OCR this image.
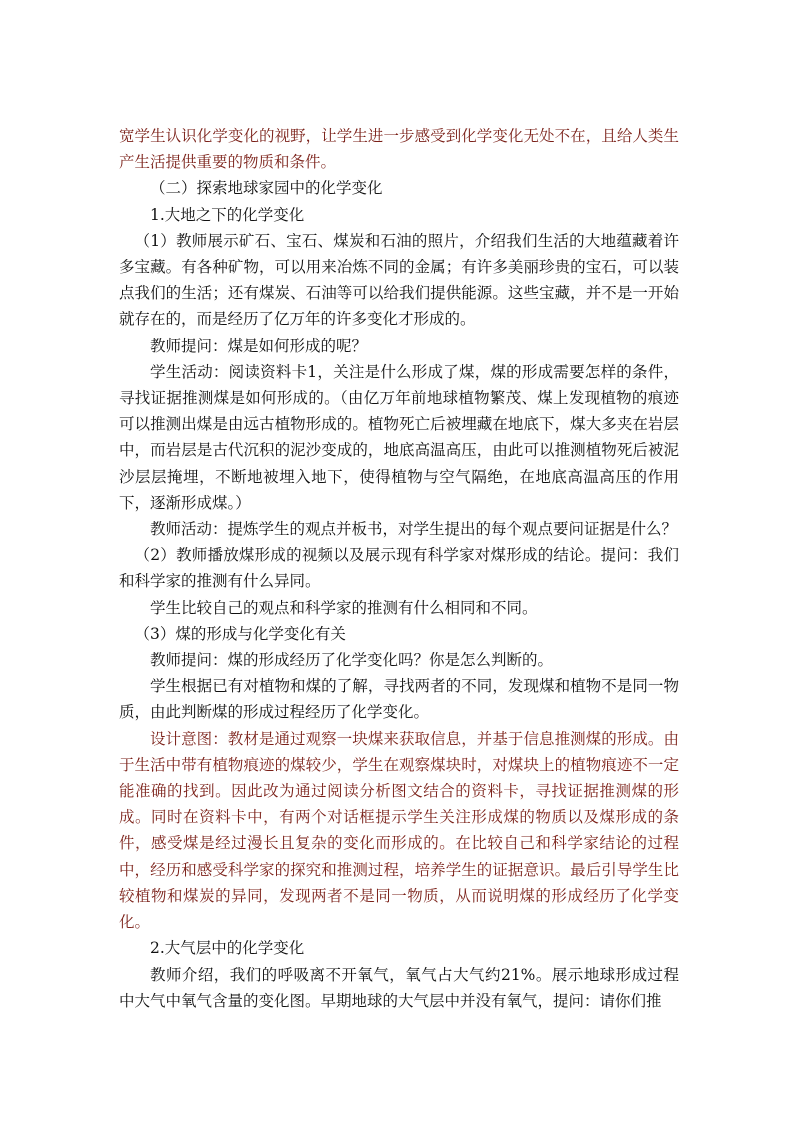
宽学生认识化学变化的视野，让学生进一步感受到化学变化无处不在，且给人类生产生活提供重要的物质和条件。

（二）探索地球家园中的化学变化

1.大地之下的化学变化

（1）教师展示矿石、宝石、煤炭和石油的照片，介绍我们生活的大地蕴藏着许多宝藏。有各种矿物，可以用来冶炼不同的金属；有许多美丽珍贵的宝石，可以装点我们的生活；还有煤炭、石油等可以给我们提供能源。这些宝藏，并不是一开始就存在的，而是经历了亿万年的许多变化才形成的。

教师提问：煤是如何形成的呢？

学生活动：阅读资料卡1，关注是什么形成了煤，煤的形成需要怎样的条件，寻找证据推测煤是如何形成的。（由亿万年前地球植物繁茂、煤上发现植物的痕迹可以推测出煤是由远古植物形成的。植物死亡后被埋藏在地底下，煤大多夹在岩层中，而岩层是古代沉积的泥沙变成的，地底高温高压，由此可以推测植物死后被泥沙层层掩埋，不断地被埋入地下，使得植物与空气隔绝，在地底高温高压的作用下，逐渐形成煤。）

教师活动：提炼学生的观点并板书，对学生提出的每个观点要问证据是什么？

（2）教师播放煤形成的视频以及展示现有科学家对煤形成的结论。提问：我们和科学家的推测有什么异同。

学生比较自己的观点和科学家的推测有什么相同和不同。

（3）煤的形成与化学变化有关

教师提问：煤的形成经历了化学变化吗？你是怎么判断的。

学生根据已有对植物和煤的了解，寻找两者的不同，发现煤和植物不是同一物质，由此判断煤的形成过程经历了化学变化。

设计意图：教材是通过观察一块煤来获取信息，并基于信息推测煤的形成。由于生活中带有植物痕迹的煤较少，学生在观察煤块时，对煤块上的植物痕迹不一定能准确的找到。因此改为通过阅读分析图文结合的资料卡，寻找证据推测煤的形成。同时在资料卡中，有两个对话框提示学生关注形成煤的物质以及煤形成的条件，感受煤是经过漫长且复杂的变化而形成的。在比较自己和科学家结论的过程中，经历和感受科学家的探究和推测过程，培养学生的证据意识。最后引导学生比较植物和煤炭的异同，发现两者不是同一物质，从而说明煤的形成经历了化学变化。

2.大气层中的化学变化

教师介绍，我们的呼吸离不开氧气，氧气占大气约21%。展示地球形成过程中大气中氧气含量的变化图。早期地球的大气层中并没有氧气，提问：请你们推
